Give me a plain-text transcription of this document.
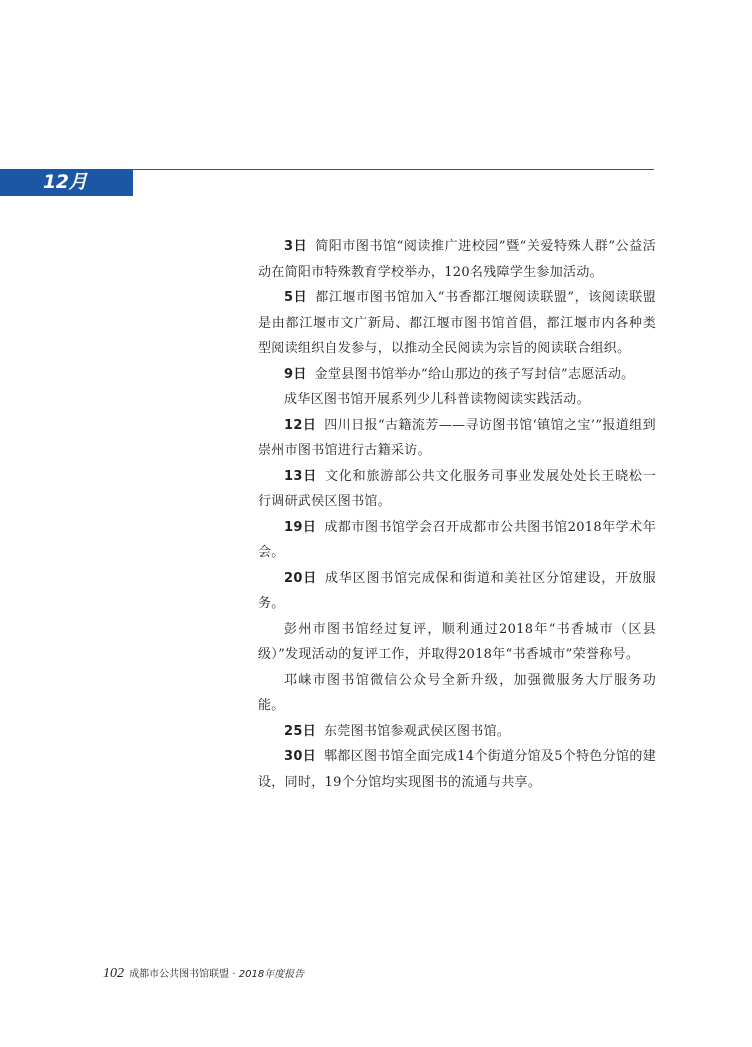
12月

3日 简阳市图书馆“阅读推广进校园”暨“关爱特殊人群”公益活动在简阳市特殊教育学校举办，120名残障学生参加活动。

5日 都江堰市图书馆加入“书香都江堰阅读联盟”，该阅读联盟是由都江堰市文广新局、都江堰市图书馆首倡，都江堰市内各种类型阅读组织自发参与，以推动全民阅读为宗旨的阅读联合组织。

9日 金堂县图书馆举办“给山那边的孩子写封信”志愿活动。

成华区图书馆开展系列少儿科普读物阅读实践活动。

12日 四川日报“古籍流芳——寻访图书馆‘镇馆之宝’”报道组到崇州市图书馆进行古籍采访。

13日 文化和旅游部公共文化服务司事业发展处处长王晓松一行调研武侯区图书馆。

19日 成都市图书馆学会召开成都市公共图书馆2018年学术年会。

20日 成华区图书馆完成保和街道和美社区分馆建设，开放服务。

彭州市图书馆经过复评，顺利通过2018年“书香城市（区县级）”发现活动的复评工作，并取得2018年“书香城市”荣誉称号。

邛崃市图书馆微信公众号全新升级，加强微服务大厅服务功能。

25日 东莞图书馆参观武侯区图书馆。

30日 郫都区图书馆全面完成14个街道分馆及5个特色分馆的建设，同时，19个分馆均实现图书的流通与共享。

102 成都市公共图书馆联盟 · 2018年度报告
